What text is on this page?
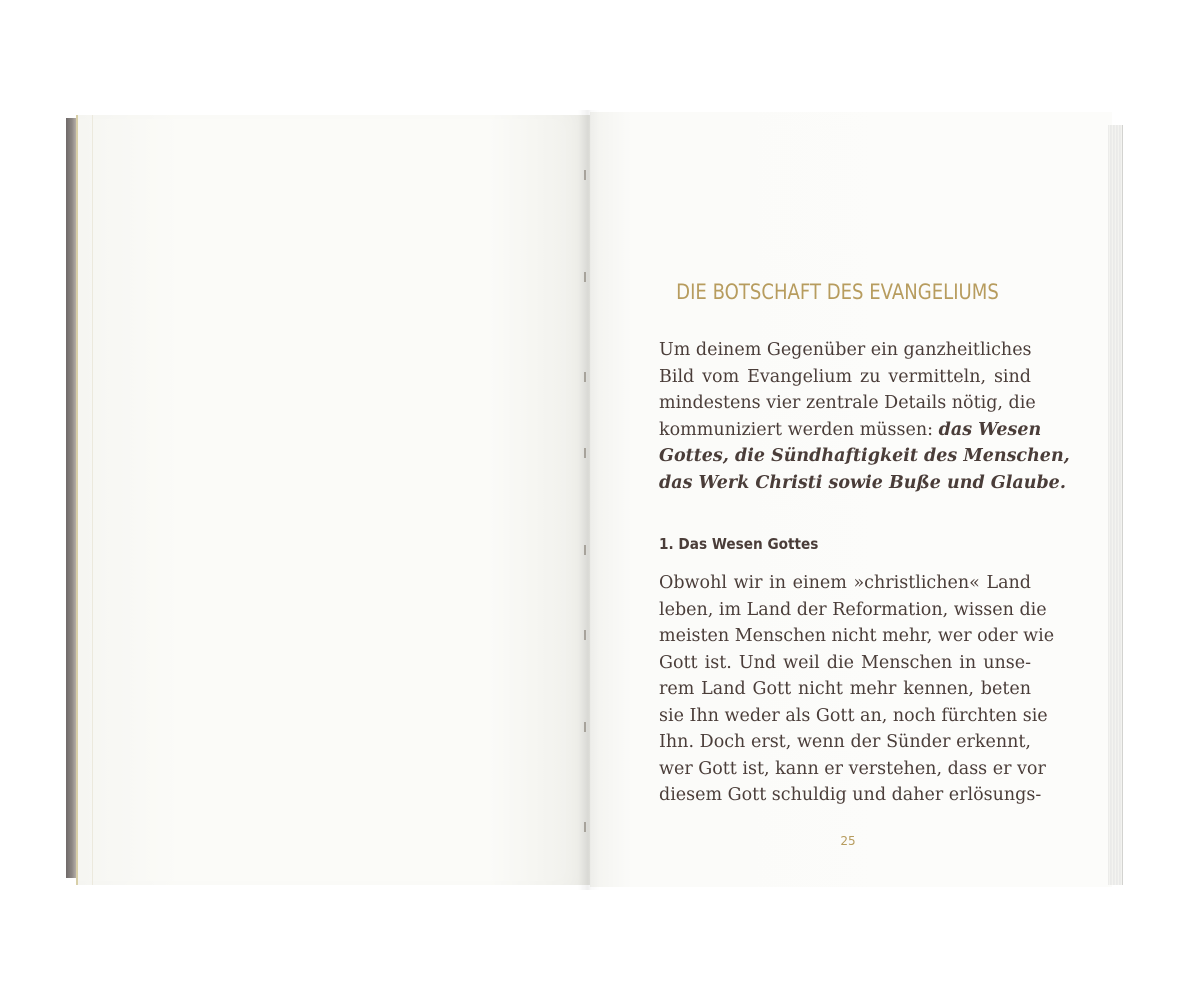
DIE BOTSCHAFT DES EVANGELIUMS
Um deinem Gegenüber ein ganzheitliches
Bild vom Evangelium zu vermitteln, sind
mindestens vier zentrale Details nötig, die
kommuniziert werden müssen: das Wesen
Gottes, die Sündhaftigkeit des Menschen,
das Werk Christi sowie Buße und Glaube.
1. Das Wesen Gottes
Obwohl wir in einem »christlichen« Land
leben, im Land der Reformation, wissen die
meisten Menschen nicht mehr, wer oder wie
Gott ist. Und weil die Menschen in unse-
rem Land Gott nicht mehr kennen, beten
sie Ihn weder als Gott an, noch fürchten sie
Ihn. Doch erst, wenn der Sünder erkennt,
wer Gott ist, kann er verstehen, dass er vor
diesem Gott schuldig und daher erlösungs-
25
